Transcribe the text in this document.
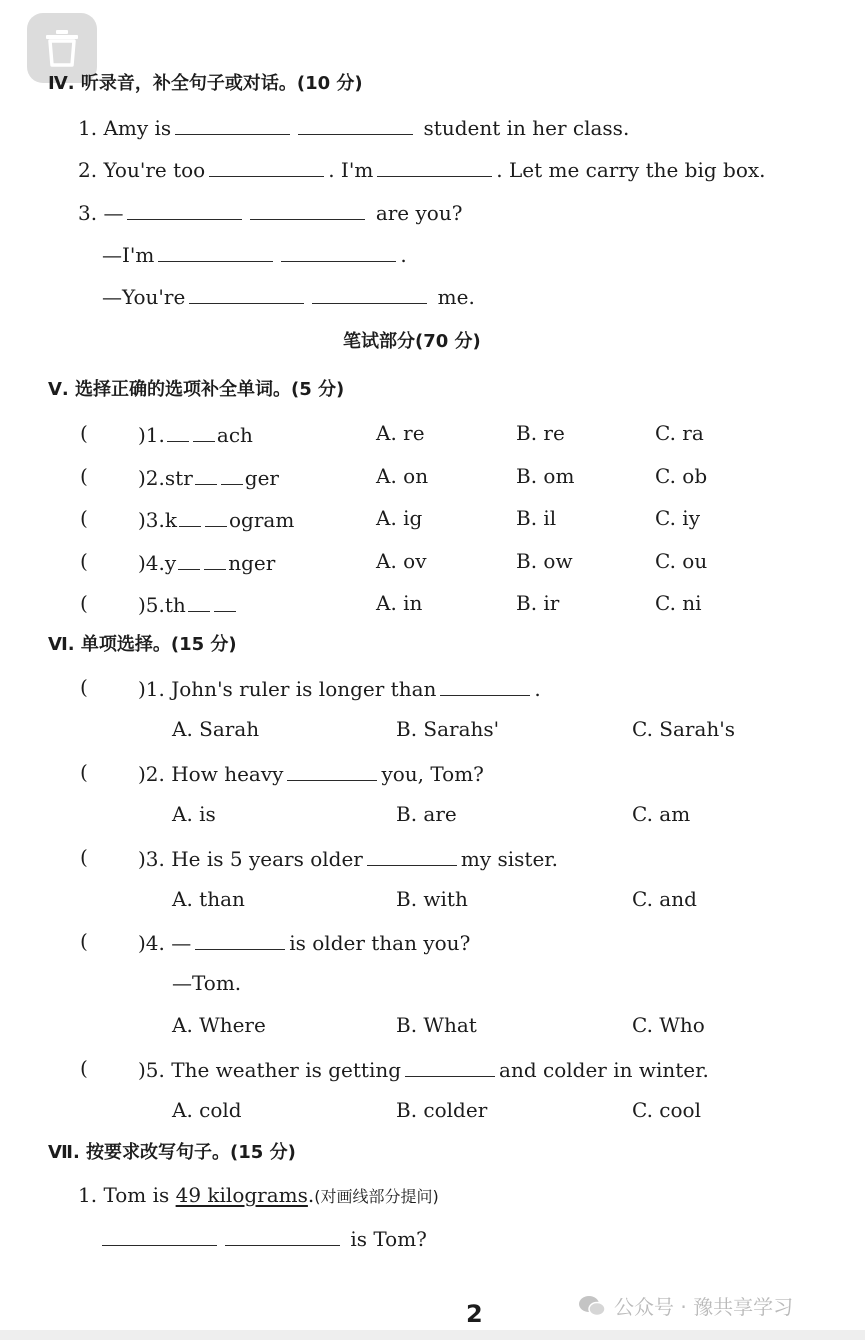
Ⅳ. 听录音，补全句子或对话。(10 分)
1. Amy is	student in her class.
2. You're too	. I'm	. Let me carry the big box.
3. —	are you?
—I'm	.
—You're	me.
笔试部分(70 分)
Ⅴ. 选择正确的选项补全单词。(5 分)
(	)1.	ach	A. re	B. re	C. ra
(	)2.str	ger	A. on	B. om	C. ob
(	)3.k	ogram	A. ig	B. il	C. iy
(	)4.y	nger	A. ov	B. ow	C. ou
(	)5.th	A. in	B. ir	C. ni
Ⅵ. 单项选择。(15 分)
(	)1. John's ruler is longer than	.
A. Sarah	B. Sarahs'	C. Sarah's
(	)2. How heavy	you, Tom?
A. is	B. are	C. am
(	)3. He is 5 years older	my sister.
A. than	B. with	C. and
(	)4. —	is older than you?
—Tom.
A. Where	B. What	C. Who
(	)5. The weather is getting	and colder in winter.
A. cold	B. colder	C. cool
Ⅶ. 按要求改写句子。(15 分)
1. Tom is 49 kilograms.(对画线部分提问)
is Tom?
2	公众号 · 豫共享学习
